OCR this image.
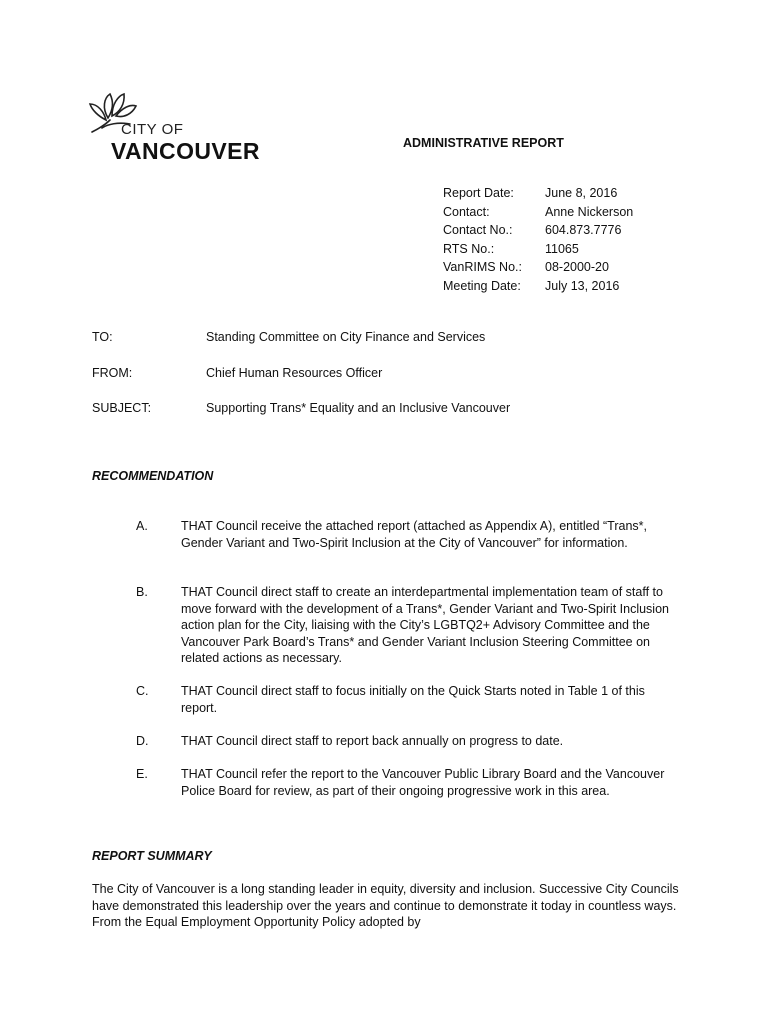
CITY OF
VANCOUVER	ADMINISTRATIVE REPORT
Report Date:	June 8, 2016
Contact:	Anne Nickerson
Contact No.:	604.873.7776
RTS No.:	11065
VanRIMS No.:	08-2000-20
Meeting Date:	July 13, 2016
TO:	Standing Committee on City Finance and Services
FROM:	Chief Human Resources Officer
SUBJECT:	Supporting Trans* Equality and an Inclusive Vancouver
RECOMMENDATION
A.	THAT Council receive the attached report (attached as Appendix A), entitled “Trans*, Gender Variant and Two-Spirit Inclusion at the City of Vancouver” for information.
B.	THAT Council direct staff to create an interdepartmental implementation team of staff to move forward with the development of a Trans*, Gender Variant and Two-Spirit Inclusion action plan for the City, liaising with the City’s LGBTQ2+ Advisory Committee and the Vancouver Park Board’s Trans* and Gender Variant Inclusion Steering Committee on related actions as necessary.
C.	THAT Council direct staff to focus initially on the Quick Starts noted in Table 1 of this report.
D.	THAT Council direct staff to report back annually on progress to date.
E.	THAT Council refer the report to the Vancouver Public Library Board and the Vancouver Police Board for review, as part of their ongoing progressive work in this area.
REPORT SUMMARY
The City of Vancouver is a long standing leader in equity, diversity and inclusion. Successive City Councils have demonstrated this leadership over the years and continue to demonstrate it today in countless ways. From the Equal Employment Opportunity Policy adopted by
